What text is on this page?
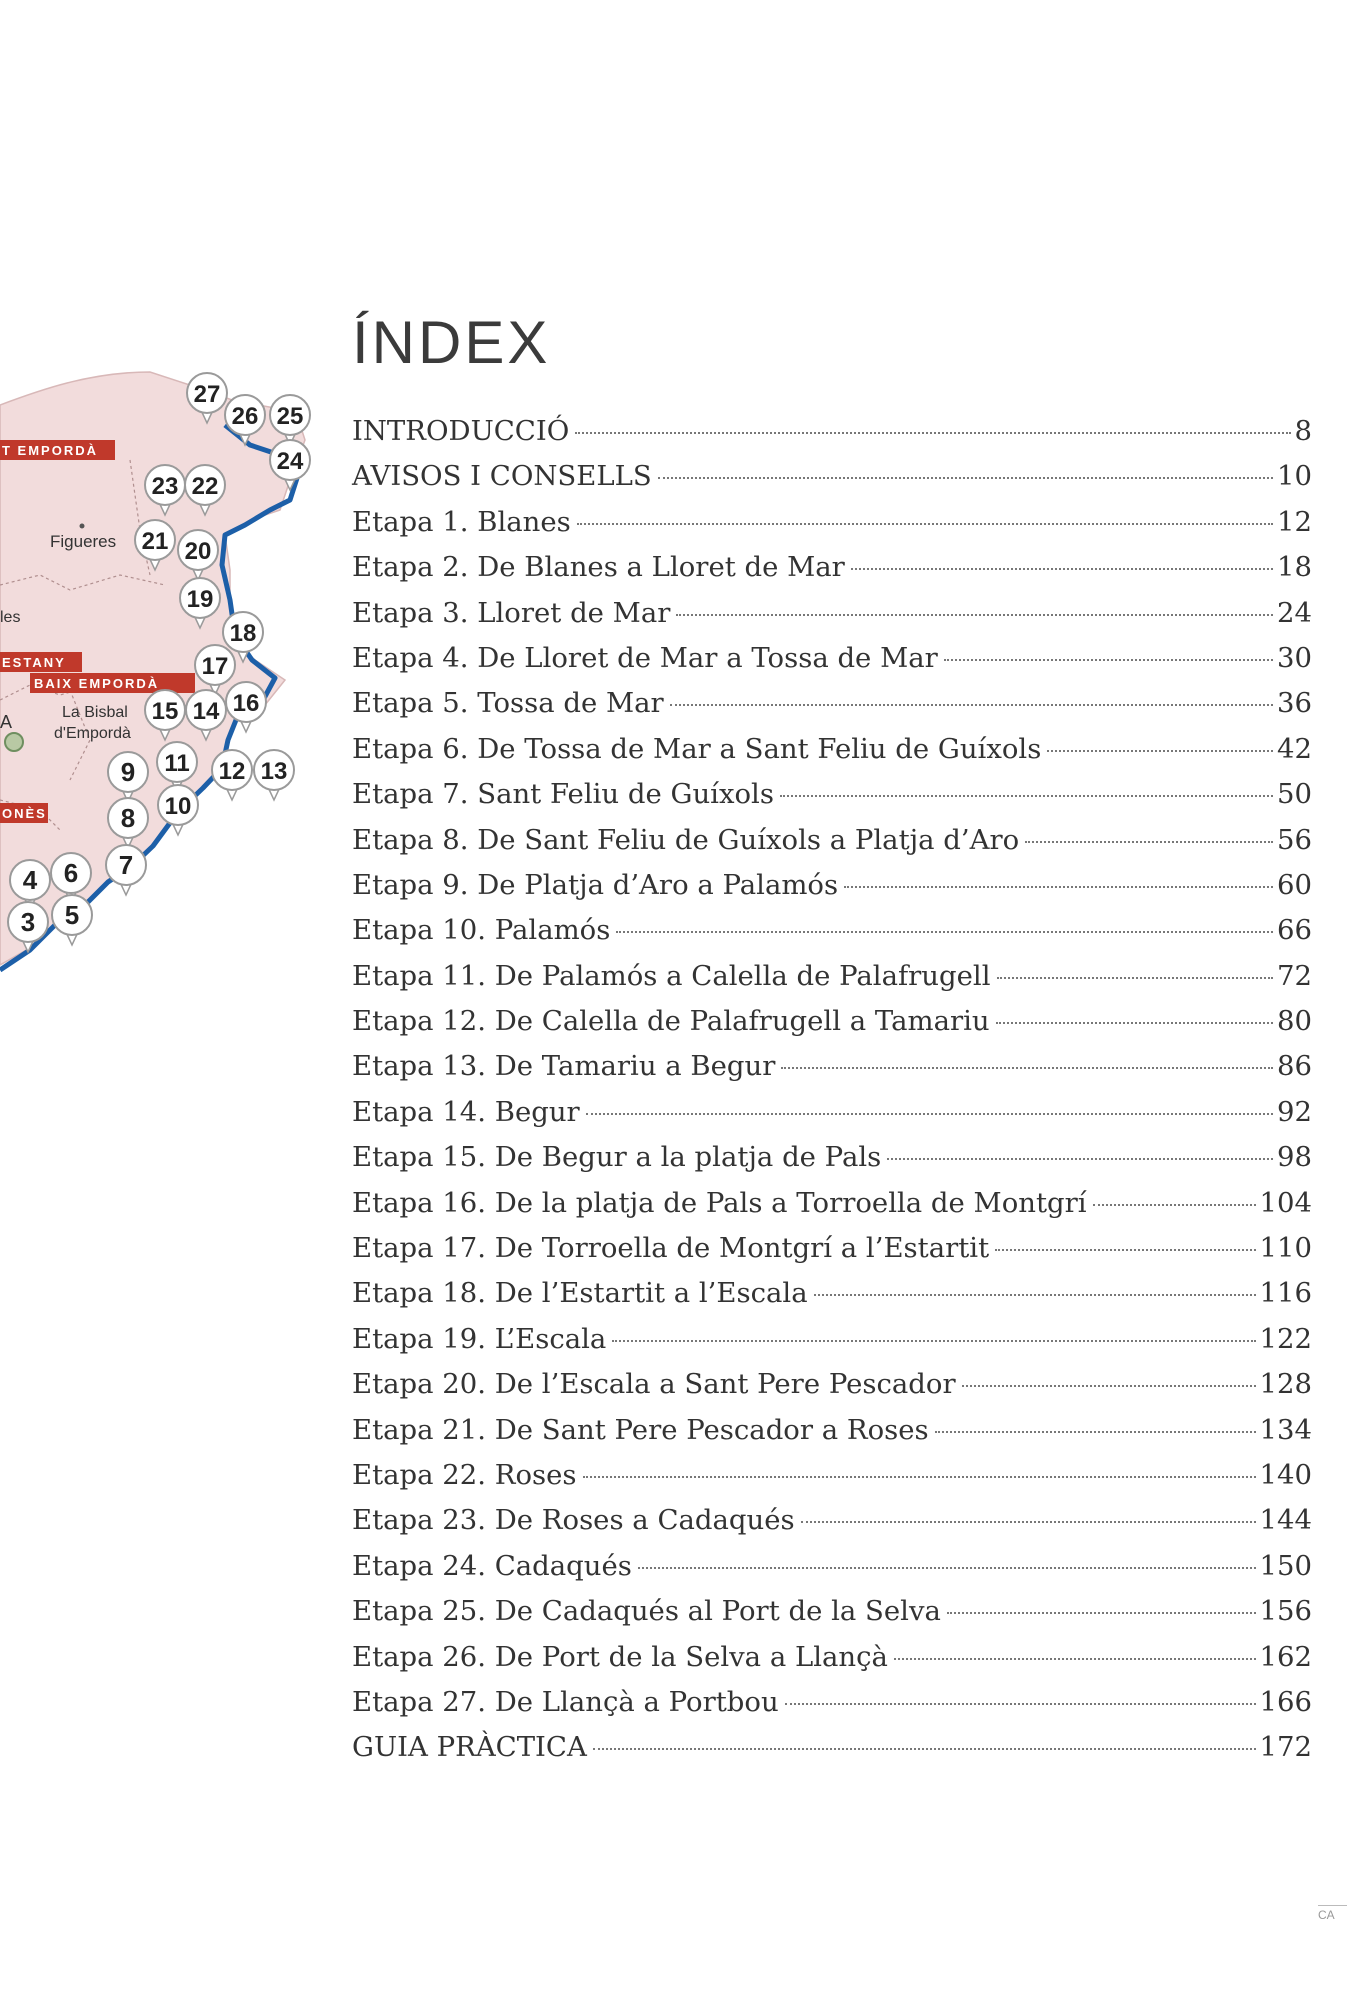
T EMPORDÀ
ESTANY
BAIX EMPORDÀ
ONÈS
Figueres
La Bisbal
d'Empordà
les
A
27
26 25
24
23 22
21 20
19
18
17
16
15 14
13
12
11
10
9
8
7
6
5
4
3
ÍNDEX
INTRODUCCIÓ	8
AVISOS I CONSELLS	10
Etapa 1. Blanes	12
Etapa 2. De Blanes a Lloret de Mar	18
Etapa 3. Lloret de Mar	24
Etapa 4. De Lloret de Mar a Tossa de Mar	30
Etapa 5. Tossa de Mar	36
Etapa 6. De Tossa de Mar a Sant Feliu de Guíxols	42
Etapa 7. Sant Feliu de Guíxols	50
Etapa 8. De Sant Feliu de Guíxols a Platja d’Aro	56
Etapa 9. De Platja d’Aro a Palamós	60
Etapa 10. Palamós	66
Etapa 11. De Palamós a Calella de Palafrugell	72
Etapa 12. De Calella de Palafrugell a Tamariu	80
Etapa 13. De Tamariu a Begur	86
Etapa 14. Begur	92
Etapa 15. De Begur a la platja de Pals	98
Etapa 16. De la platja de Pals a Torroella de Montgrí	104
Etapa 17. De Torroella de Montgrí a l’Estartit	110
Etapa 18. De l’Estartit a l’Escala	116
Etapa 19. L’Escala	122
Etapa 20. De l’Escala a Sant Pere Pescador	128
Etapa 21. De Sant Pere Pescador a Roses	134
Etapa 22. Roses	140
Etapa 23. De Roses a Cadaqués	144
Etapa 24. Cadaqués	150
Etapa 25. De Cadaqués al Port de la Selva	156
Etapa 26. De Port de la Selva a Llançà	162
Etapa 27. De Llançà a Portbou	166
GUIA PRÀCTICA	172
CA
